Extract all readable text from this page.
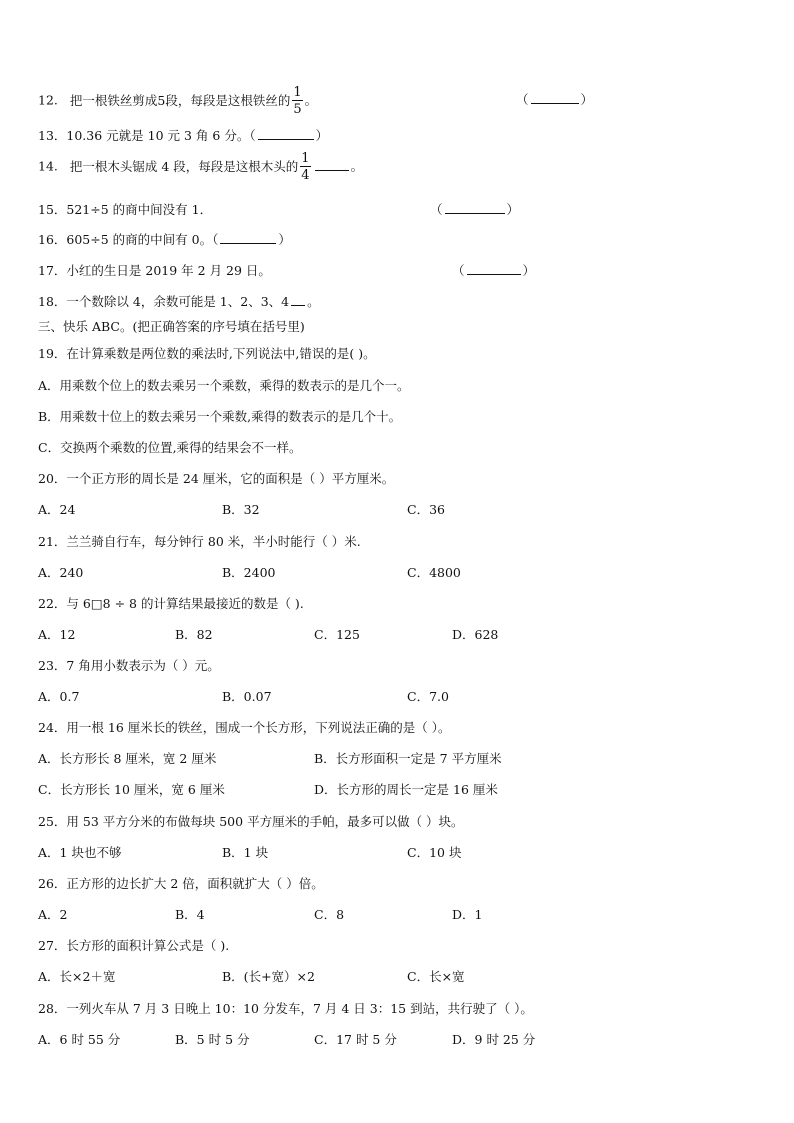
12. 把一根铁丝剪成5段，每段是这根铁丝的 $\frac{1}{5}$ 。	（	）
13．10.36 元就是 10 元 3 角 6 分。（	）
14. 把一根木头锯成 4 段，每段是这根木头的 $\frac{1}{4}$	。
15．521÷5 的商中间没有 1．	（	）
16．605÷5 的商的中间有 0。（	）
17．小红的生日是 2019 年 2 月 29 日。	（	）
18．一个数除以 4，余数可能是 1、2、3、4 。
三、快乐 ABC。(把正确答案的序号填在括号里)
19．在计算乘数是两位数的乘法时,下列说法中,错误的是( )。
A．用乘数个位上的数去乘另一个乘数，乘得的数表示的是几个一。
B．用乘数十位上的数去乘另一个乘数,乘得的数表示的是几个十。
C．交换两个乘数的位置,乘得的结果会不一样。
20．一个正方形的周长是 24 厘米，它的面积是（ ）平方厘米。
A．24	B．32	C．36
21．兰兰骑自行车，每分钟行 80 米，半小时能行（ ）米.
A．240	B．2400	C．4800
22．与 6□8 ÷ 8 的计算结果最接近的数是（ ).
A．12	B．82	C．125	D．628
23．7 角用小数表示为（ ）元。
A．0.7	B．0.07	C．7.0
24．用一根 16 厘米长的铁丝，围成一个长方形，下列说法正确的是（ ）。
A．长方形长 8 厘米，宽 2 厘米	B．长方形面积一定是 7 平方厘米
C．长方形长 10 厘米，宽 6 厘米	D．长方形的周长一定是 16 厘米
25．用 53 平方分米的布做每块 500 平方厘米的手帕，最多可以做（ ）块。
A．1 块也不够	B．1 块	C．10 块
26．正方形的边长扩大 2 倍，面积就扩大（ ）倍。
A．2	B．4	C．8	D．1
27．长方形的面积计算公式是（ ).
A．长×2＋宽	B．(长+宽）×2	C．长×宽
28．一列火车从 7 月 3 日晚上 10：10 分发车，7 月 4 日 3：15 到站，共行驶了（ ）。
A．6 时 55 分	B．5 时 5 分	C．17 时 5 分	D．9 时 25 分
